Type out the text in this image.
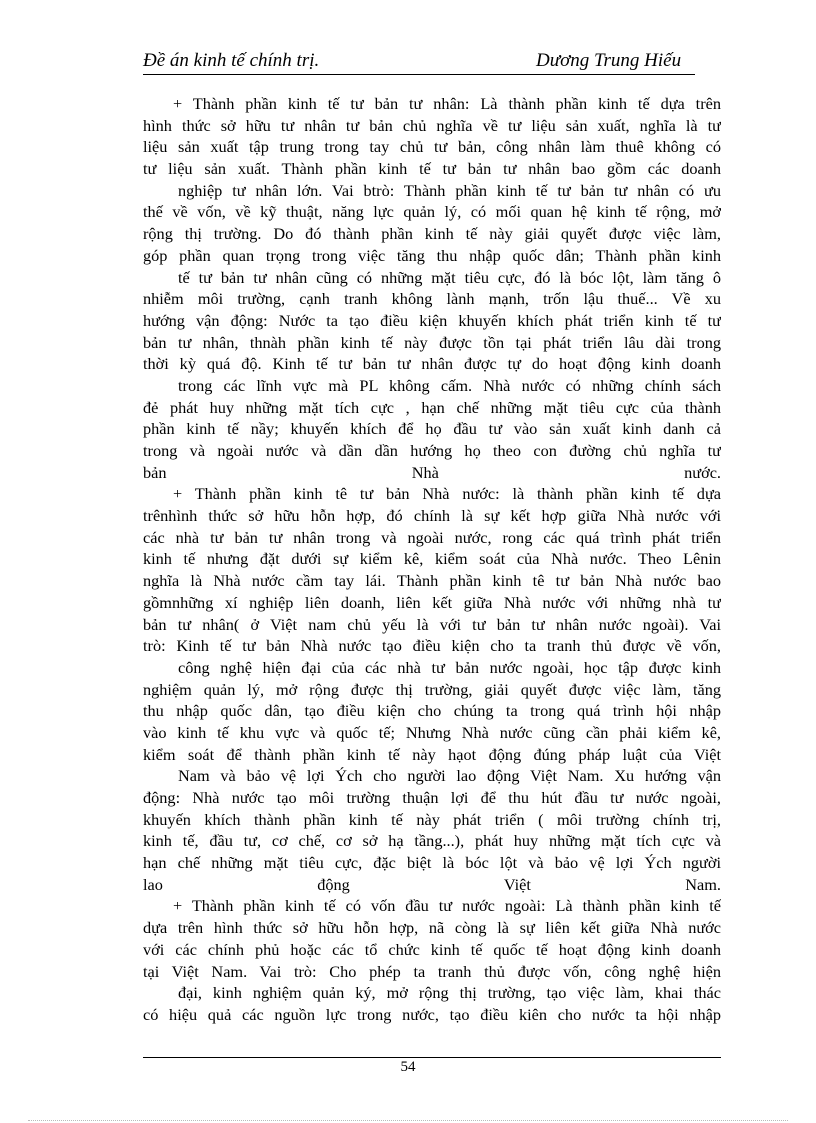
Đề án kinh tế chính trị.	Dương Trung Hiếu
+ Thành phần kinh tế tư bản tư nhân: Là thành phần kinh tế dựa trên
hình thức sở hữu tư nhân tư bản chủ nghĩa về tư liệu sản xuất, nghĩa là tư
liệu sản xuất tập trung trong tay chủ tư bản, công nhân làm thuê không có
tư liệu sản xuất. Thành phần kinh tế tư bản tư nhân bao gồm các doanh
nghiệp tư nhân lớn. Vai btrò: Thành phần kinh tế tư bản tư nhân có ưu
thế về vốn, về kỹ thuật, năng lực quản lý, có mối quan hệ kinh tế rộng, mở
rộng thị trường. Do đó thành phần kinh tế này giải quyết được việc làm,
góp phần quan trọng trong việc tăng thu nhập quốc dân; Thành phần kinh
tế tư bản tư nhân cũng có những mặt tiêu cực, đó là bóc lột, làm tăng ô
nhiễm môi trường, cạnh tranh không lành mạnh, trốn lậu thuế... Về xu
hướng vận động: Nước ta tạo điều kiện khuyến khích phát triển kinh tế tư
bản tư nhân, thnàh phần kinh tế này được tồn tại phát triển lâu dài trong
thời kỳ quá độ. Kinh tế tư bản tư nhân được tự do hoạt động kinh doanh
trong các lĩnh vực mà PL không cấm. Nhà nước có những chính sách
đẻ phát huy những mặt tích cực , hạn chế những mặt tiêu cực của thành
phần kinh tế nầy; khuyến khích để họ đầu tư vào sản xuất kinh danh cả
trong và ngoài nước và dần dần hướng họ theo con đường chủ nghĩa tư
bản Nhà nước.
+ Thành phần kinh tê tư bản Nhà nước: là thành phần kinh tế dựa
trênhình thức sở hữu hỗn hợp, đó chính là sự kết hợp giữa Nhà nước với
các nhà tư bản tư nhân trong và ngoài nước, rong các quá trình phát triển
kinh tế nhưng đặt dưới sự kiểm kê, kiểm soát của Nhà nước. Theo Lênin
nghĩa là Nhà nước cầm tay lái. Thành phần kinh tê tư bản Nhà nước bao
gồmnhững xí nghiệp liên doanh, liên kết giữa Nhà nước với những nhà tư
bản tư nhân( ở Việt nam chủ yếu là với tư bản tư nhân nước ngoài). Vai
trò: Kinh tế tư bản Nhà nước tạo điều kiện cho ta tranh thủ được về vốn,
công nghệ hiện đại của các nhà tư bản nước ngoài, học tập được kinh
nghiệm quản lý, mở rộng được thị trường, giải quyết được việc làm, tăng
thu nhập quốc dân, tạo điều kiện cho chúng ta trong quá trình hội nhập
vào kinh tế khu vực và quốc tế; Nhưng Nhà nước cũng cần phải kiểm kê,
kiểm soát để thành phần kinh tế này hạot động đúng pháp luật của Việt
Nam và bảo vệ lợi Ých cho người lao động Việt Nam. Xu hướng vận
động: Nhà nước tạo môi trường thuận lợi để thu hút đầu tư nước ngoài,
khuyến khích thành phần kinh tế này phát triển ( môi trường chính trị,
kinh tế, đầu tư, cơ chế, cơ sở hạ tầng...), phát huy những mặt tích cực và
hạn chế những mặt tiêu cực, đặc biệt là bóc lột và bảo vệ lợi Ých người
lao động Việt Nam.
+ Thành phần kinh tế có vốn đầu tư nước ngoài: Là thành phần kinh tế
dựa trên hình thức sở hữu hỗn hợp, nã còng là sự liên kết giữa Nhà nước
với các chính phủ hoặc các tổ chức kinh tế quốc tế hoạt động kinh doanh
tại Việt Nam. Vai trò: Cho phép ta tranh thủ được vốn, công nghệ hiện
đại, kinh nghiệm quản ký, mở rộng thị trường, tạo việc làm, khai thác
có hiệu quả các nguồn lực trong nước, tạo điều kiên cho nước ta hội nhập
54
